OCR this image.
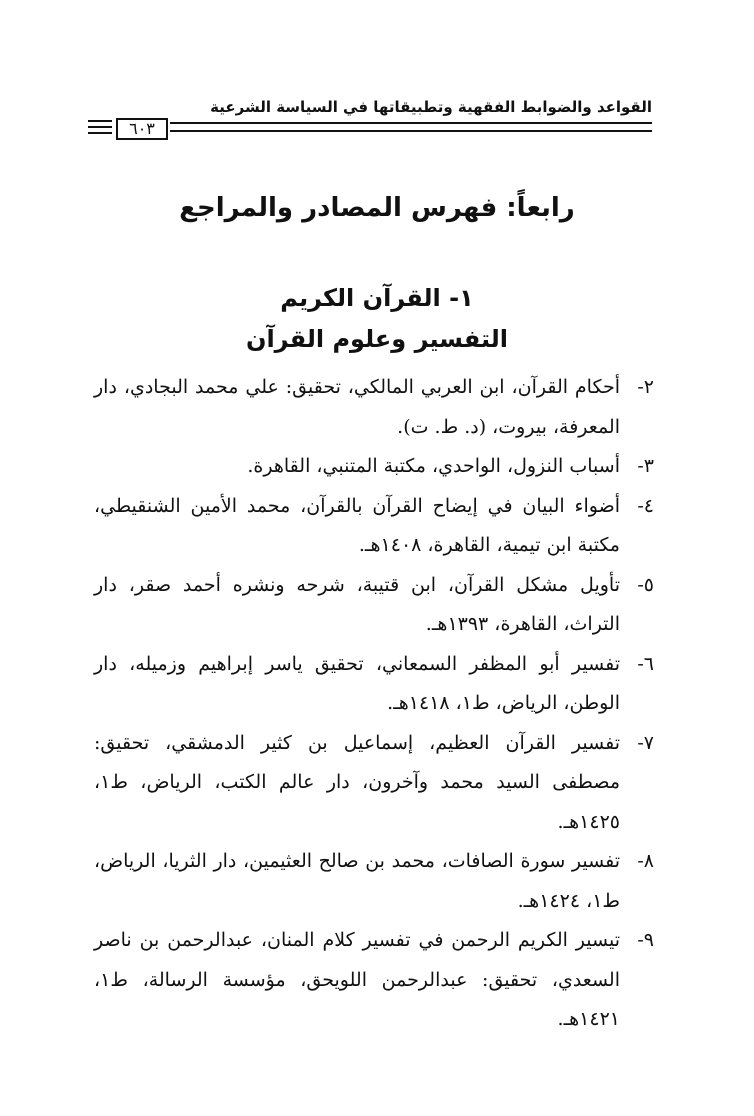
القواعد والضوابط الفقهية وتطبيقاتها في السياسة الشرعية
٦٠٣
رابعاً: فهرس المصادر والمراجع
١- القرآن الكريم
التفسير وعلوم القرآن
٢-
أحكام القرآن، ابن العربي المالكي، تحقيق: علي محمد البجادي، دار المعرفة، بيروت، (د. ط. ت).
٣-
أسباب النزول، الواحدي، مكتبة المتنبي، القاهرة.
٤-
أضواء البيان في إيضاح القرآن بالقرآن، محمد الأمين الشنقيطي، مكتبة ابن تيمية، القاهرة، ١٤٠٨هـ.
٥-
تأويل مشكل القرآن، ابن قتيبة، شرحه ونشره أحمد صقر، دار التراث، القاهرة، ١٣٩٣هـ.
٦-
تفسير أبو المظفر السمعاني، تحقيق ياسر إبراهيم وزميله، دار الوطن، الرياض، ط١، ١٤١٨هـ.
٧-
تفسير القرآن العظيم، إسماعيل بن كثير الدمشقي، تحقيق: مصطفى السيد محمد وآخرون، دار عالم الكتب، الرياض، ط١، ١٤٢٥هـ.
٨-
تفسير سورة الصافات، محمد بن صالح العثيمين، دار الثريا، الرياض، ط١، ١٤٢٤هـ.
٩-
تيسير الكريم الرحمن في تفسير كلام المنان، عبدالرحمن بن ناصر السعدي، تحقيق: عبدالرحمن اللويحق، مؤسسة الرسالة، ط١، ١٤٢١هـ.
